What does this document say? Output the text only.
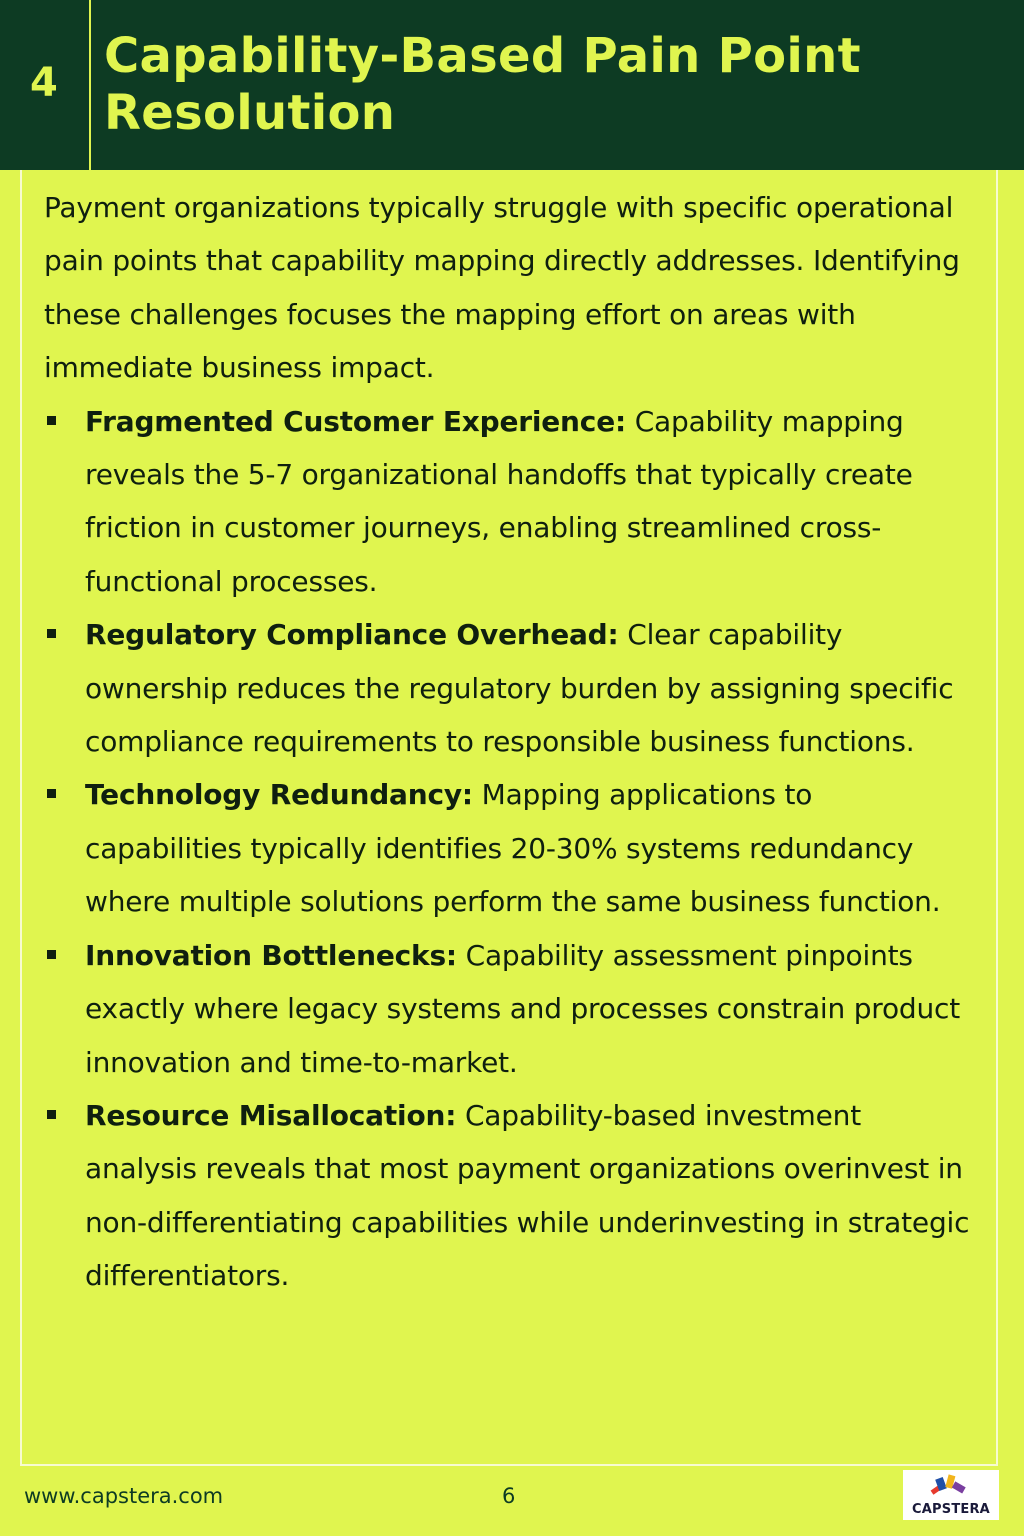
4 Capability-Based Pain Point
Resolution

Payment organizations typically struggle with specific operational pain points that capability mapping directly addresses. Identifying these challenges focuses the mapping effort on areas with immediate business impact.

Fragmented Customer Experience: Capability mapping reveals the 5-7 organizational handoffs that typically create friction in customer journeys, enabling streamlined cross-functional processes.
Regulatory Compliance Overhead: Clear capability ownership reduces the regulatory burden by assigning specific compliance requirements to responsible business functions.
Technology Redundancy: Mapping applications to capabilities typically identifies 20-30% systems redundancy where multiple solutions perform the same business function.
Innovation Bottlenecks: Capability assessment pinpoints exactly where legacy systems and processes constrain product innovation and time-to-market.
Resource Misallocation: Capability-based investment analysis reveals that most payment organizations overinvest in non-differentiating capabilities while underinvesting in strategic differentiators.
www.capstera.com	6
CAPSTERA
